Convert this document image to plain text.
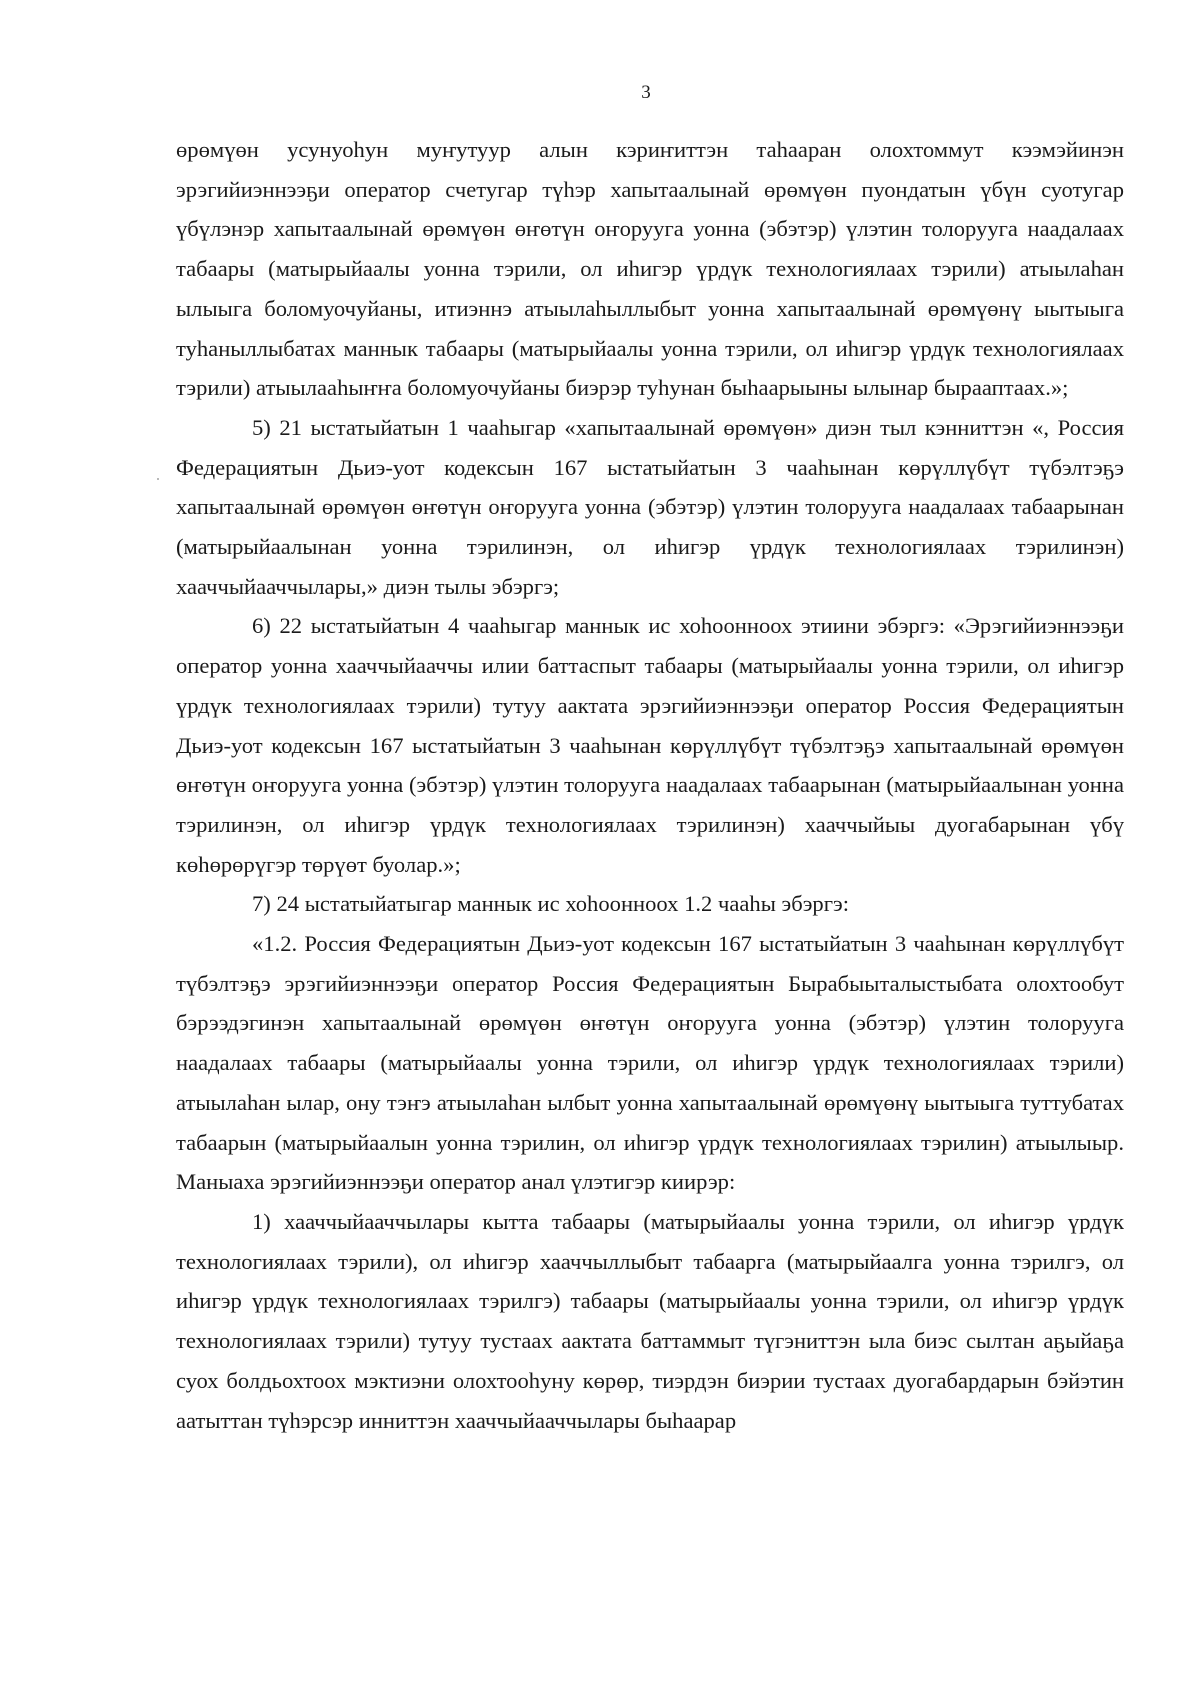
3

өрөмүөн усунуоһун муҥутуур алын кэриҥиттэн таһааран олохтоммут кээмэйинэн эрэгийиэннээҕи оператор счетугар түһэр хапытаалынай өрөмүөн пуондатын үбүн суотугар үбүлэнэр хапытаалынай өрөмүөн өҥөтүн оҥорууга уонна (эбэтэр) үлэтин толорууга наадалаах табаары (матырыйаалы уонна тэрили, ол иһигэр үрдүк технологиялаах тэрили) атыылаһан ылыыга боломуочуйаны, итиэннэ атыылаһыллыбыт уонна хапытаалынай өрөмүөнү ыытыыга туһаныллыбатах маннык табаары (матырыйаалы уонна тэрили, ол иһигэр үрдүк технологиялаах тэрили) атыылааһыҥҥа боломуочуйаны биэрэр туһунан быһаарыыны ылынар бырааптаах.»;

5) 21 ыстатыйатын 1 чааһыгар «хапытаалынай өрөмүөн» диэн тыл кэнниттэн «, Россия Федерациятын Дьиэ-уот кодексын 167 ыстатыйатын 3 чааһынан көрүллүбүт түбэлтэҕэ хапытаалынай өрөмүөн өҥөтүн оҥорууга уонна (эбэтэр) үлэтин толорууга наадалаах табаарынан (матырыйаалынан уонна тэрилинэн, ол иһигэр үрдүк технологиялаах тэрилинэн) хааччыйааччылары,» диэн тылы эбэргэ;

6) 22 ыстатыйатын 4 чааһыгар маннык ис хоһоонноох этиини эбэргэ: «Эрэгийиэннээҕи оператор уонна хааччыйааччы илии баттаспыт табаары (матырыйаалы уонна тэрили, ол иһигэр үрдүк технологиялаах тэрили) тутуу аактата эрэгийиэннээҕи оператор Россия Федерациятын Дьиэ-уот кодексын 167 ыстатыйатын 3 чааһынан көрүллүбүт түбэлтэҕэ хапытаалынай өрөмүөн өҥөтүн оҥорууга уонна (эбэтэр) үлэтин толорууга наадалаах табаарынан (матырыйаалынан уонна тэрилинэн, ол иһигэр үрдүк технологиялаах тэрилинэн) хааччыйыы дуогабарынан үбү көһөрөрүгэр төрүөт буолар.»;

7) 24 ыстатыйатыгар маннык ис хоһоонноох 1.2 чааһы эбэргэ:

«1.2. Россия Федерациятын Дьиэ-уот кодексын 167 ыстатыйатын 3 чааһынан көрүллүбүт түбэлтэҕэ эрэгийиэннээҕи оператор Россия Федерациятын Бырабыыталыстыбата олохтообут бэрээдэгинэн хапытаалынай өрөмүөн өҥөтүн оҥорууга уонна (эбэтэр) үлэтин толорууга наадалаах табаары (матырыйаалы уонна тэрили, ол иһигэр үрдүк технологиялаах тэрили) атыылаһан ылар, ону тэҥэ атыылаһан ылбыт уонна хапытаалынай өрөмүөнү ыытыыга туттубатах табаарын (матырыйаалын уонна тэрилин, ол иһигэр үрдүк технологиялаах тэрилин) атыылыыр. Маныаха эрэгийиэннээҕи оператор анал үлэтигэр киирэр:

1) хааччыйааччылары кытта табаары (матырыйаалы уонна тэрили, ол иһигэр үрдүк технологиялаах тэрили), ол иһигэр хааччыллыбыт табаарга (матырыйаалга уонна тэрилгэ, ол иһигэр үрдүк технологиялаах тэрилгэ) табаары (матырыйаалы уонна тэрили, ол иһигэр үрдүк технологиялаах тэрили) тутуу тустаах аактата баттаммыт түгэниттэн ыла биэс сылтан аҕыйаҕа суох болдьохтоох мэктиэни олохтооһуну көрөр, тиэрдэн биэрии тустаах дуогабардарын бэйэтин аатыттан түһэрсэр инниттэн хааччыйааччылары быһаарар
